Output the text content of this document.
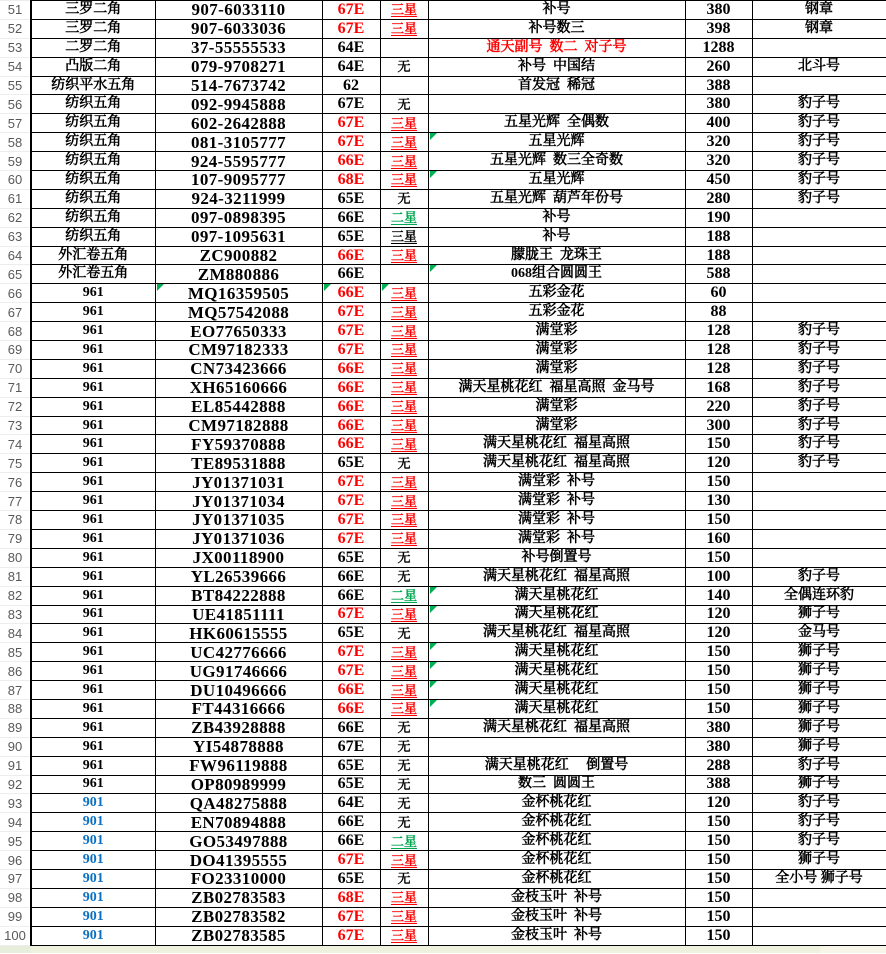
51	三罗二角	907-6033110	67E	三星	补号	380	钢章
52	三罗二角	907-6033036	67E	三星	补号数三	398	钢章
53	二罗二角	37-55555533	64E		通天副号  数二  对子号	1288	
54	凸版二角	079-9708271	64E	无	补号  中国结	260	北斗号
55	纺织平水五角	514-7673742	62		首发冠  稀冠	388	
56	纺织五角	092-9945888	67E	无		380	豹子号
57	纺织五角	602-2642888	67E	三星	五星光辉  全偶数	400	豹子号
58	纺织五角	081-3105777	67E	三星	五星光辉	320	豹子号
59	纺织五角	924-5595777	66E	三星	五星光辉  数三全奇数	320	豹子号
60	纺织五角	107-9095777	68E	三星	五星光辉	450	豹子号
61	纺织五角	924-3211999	65E	无	五星光辉  葫芦年份号	280	豹子号
62	纺织五角	097-0898395	66E	二星	补号	190	
63	纺织五角	097-1095631	65E	三星	补号	188	
64	外汇卷五角	ZC900882	66E	三星	朦胧王  龙珠王	188	
65	外汇卷五角	ZM880886	66E		068组合圆圆王	588	
66	961	MQ16359505	66E	三星	五彩金花	60	
67	961	MQ57542088	67E	三星	五彩金花	88	
68	961	EO77650333	67E	三星	满堂彩	128	豹子号
69	961	CM97182333	67E	三星	满堂彩	128	豹子号
70	961	CN73423666	66E	三星	满堂彩	128	豹子号
71	961	XH65160666	66E	三星	满天星桃花红  福星高照  金马号	168	豹子号
72	961	EL85442888	66E	三星	满堂彩	220	豹子号
73	961	CM97182888	66E	三星	满堂彩	300	豹子号
74	961	FY59370888	66E	三星	满天星桃花红  福星高照	150	豹子号
75	961	TE89531888	65E	无	满天星桃花红  福星高照	120	豹子号
76	961	JY01371031	67E	三星	满堂彩  补号	150	
77	961	JY01371034	67E	三星	满堂彩  补号	130	
78	961	JY01371035	67E	三星	满堂彩  补号	150	
79	961	JY01371036	67E	三星	满堂彩  补号	160	
80	961	JX00118900	65E	无	补号倒置号	150	
81	961	YL26539666	66E	无	满天星桃花红  福星高照	100	豹子号
82	961	BT84222888	66E	二星	满天星桃花红	140	全偶连环豹
83	961	UE41851111	67E	三星	满天星桃花红	120	狮子号
84	961	HK60615555	65E	无	满天星桃花红  福星高照	120	金马号
85	961	UC42776666	67E	三星	满天星桃花红	150	狮子号
86	961	UG91746666	67E	三星	满天星桃花红	150	狮子号
87	961	DU10496666	66E	三星	满天星桃花红	150	狮子号
88	961	FT44316666	66E	三星	满天星桃花红	150	狮子号
89	961	ZB43928888	66E	无	满天星桃花红  福星高照	380	狮子号
90	961	YI54878888	67E	无		380	狮子号
91	961	FW96119888	65E	无	满天星桃花红     倒置号	288	豹子号
92	961	OP80989999	65E	无	数三  圆圆王	388	狮子号
93	901	QA48275888	64E	无	金杯桃花红	120	豹子号
94	901	EN70894888	66E	无	金杯桃花红	150	豹子号
95	901	GO53497888	66E	二星	金杯桃花红	150	豹子号
96	901	DO41395555	67E	三星	金杯桃花红	150	狮子号
97	901	FO23310000	65E	无	金杯桃花红	150	全小号 狮子号
98	901	ZB02783583	68E	三星	金枝玉叶  补号	150	
99	901	ZB02783582	67E	三星	金枝玉叶  补号	150	
100	901	ZB02783585	67E	三星	金枝玉叶  补号	150	
